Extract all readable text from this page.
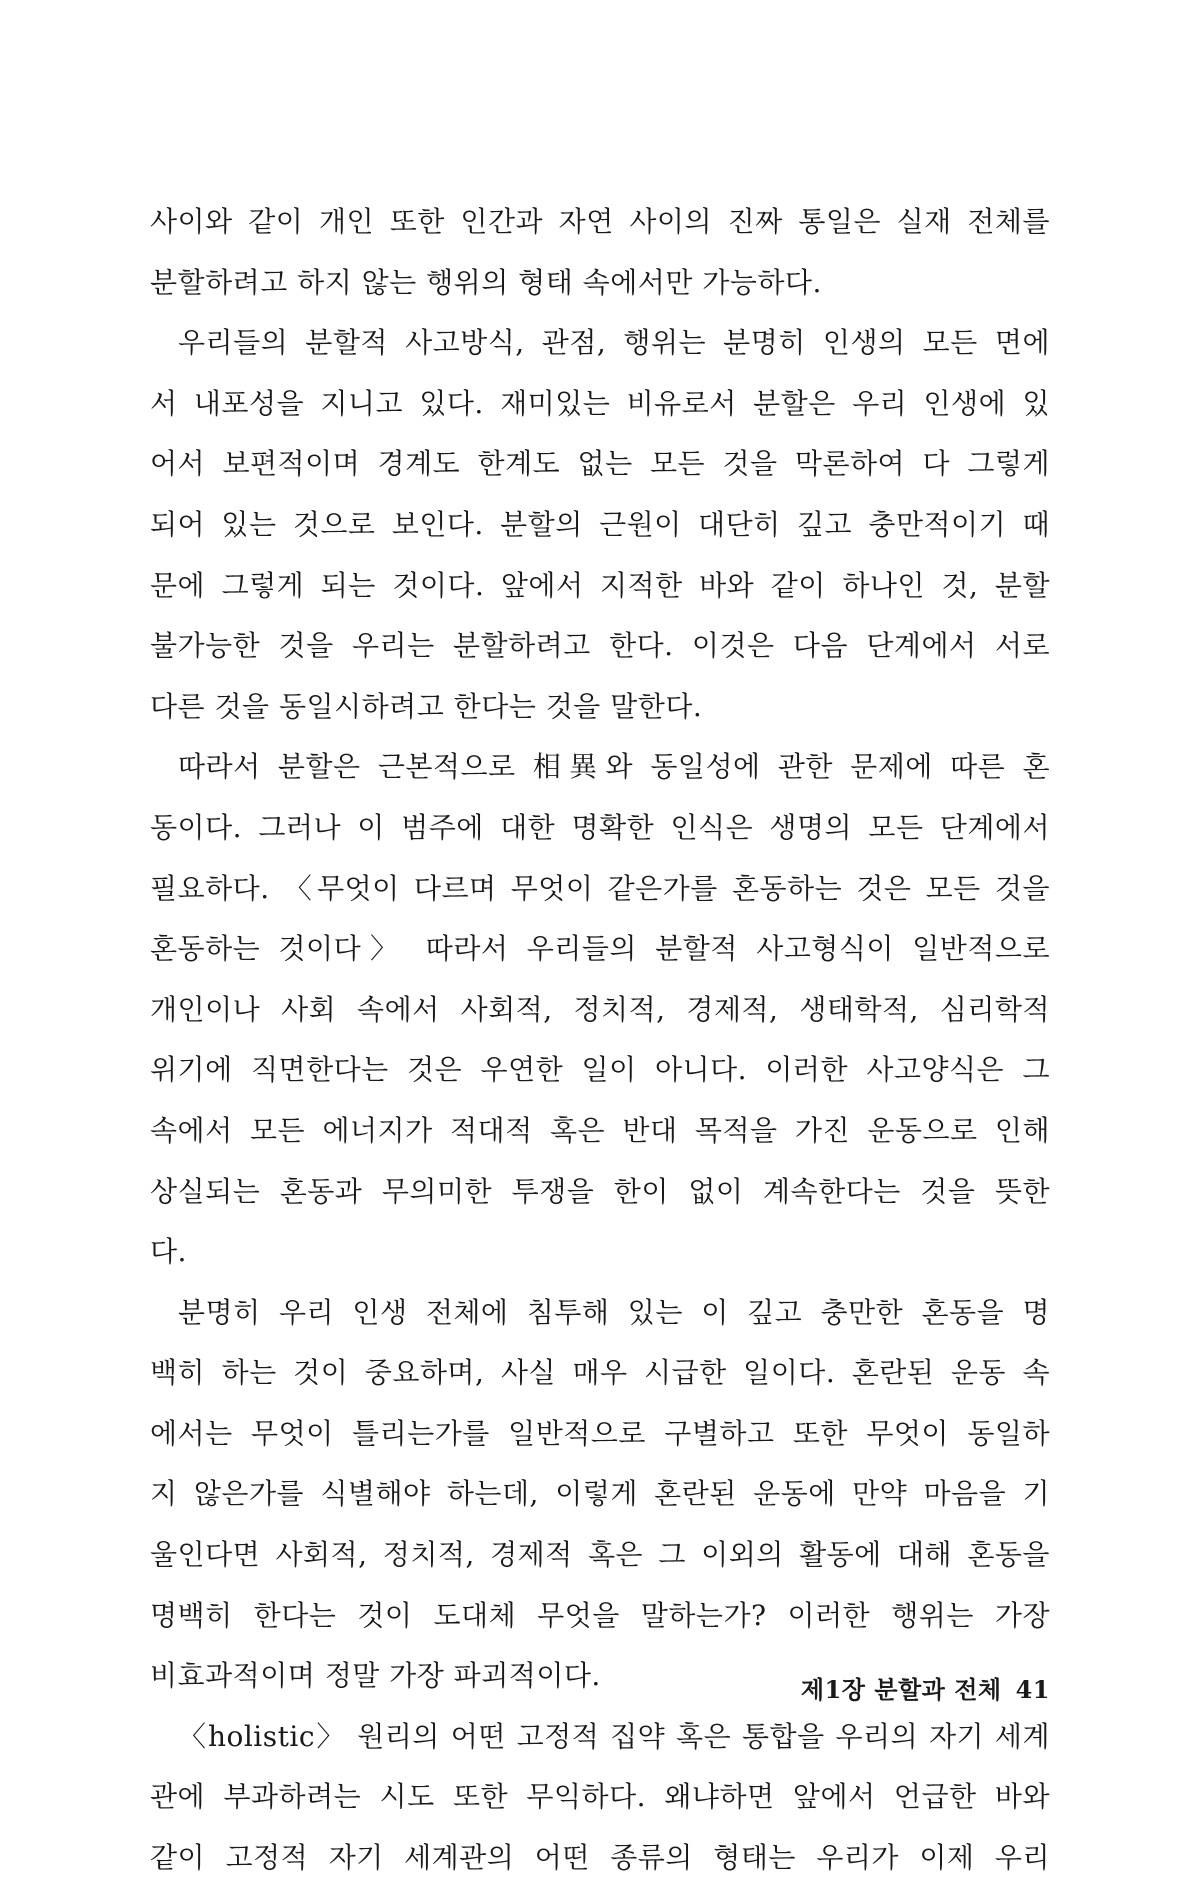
사이와 같이 개인 또한 인간과 자연 사이의 진짜 통일은 실재 전체를
분할하려고 하지 않는 행위의 형태 속에서만 가능하다.
우리들의 분할적 사고방식, 관점, 행위는 분명히 인생의 모든 면에
서 내포성을 지니고 있다. 재미있는 비유로서 분할은 우리 인생에 있
어서 보편적이며 경계도 한계도 없는 모든 것을 막론하여 다 그렇게
되어 있는 것으로 보인다. 분할의 근원이 대단히 깊고 충만적이기 때
문에 그렇게 되는 것이다. 앞에서 지적한 바와 같이 하나인 것, 분할
불가능한 것을 우리는 분할하려고 한다. 이것은 다음 단계에서 서로
다른 것을 동일시하려고 한다는 것을 말한다.
따라서 분할은 근본적으로 相異와 동일성에 관한 문제에 따른 혼
동이다. 그러나 이 범주에 대한 명확한 인식은 생명의 모든 단계에서
필요하다. 〈무엇이 다르며 무엇이 같은가를 혼동하는 것은 모든 것을
혼동하는 것이다〉 따라서 우리들의 분할적 사고형식이 일반적으로
개인이나 사회 속에서 사회적, 정치적, 경제적, 생태학적, 심리학적
위기에 직면한다는 것은 우연한 일이 아니다. 이러한 사고양식은 그
속에서 모든 에너지가 적대적 혹은 반대 목적을 가진 운동으로 인해
상실되는 혼동과 무의미한 투쟁을 한이 없이 계속한다는 것을 뜻한
다.
분명히 우리 인생 전체에 침투해 있는 이 깊고 충만한 혼동을 명
백히 하는 것이 중요하며, 사실 매우 시급한 일이다. 혼란된 운동 속
에서는 무엇이 틀리는가를 일반적으로 구별하고 또한 무엇이 동일하
지 않은가를 식별해야 하는데, 이렇게 혼란된 운동에 만약 마음을 기
울인다면 사회적, 정치적, 경제적 혹은 그 이외의 활동에 대해 혼동을
명백히 한다는 것이 도대체 무엇을 말하는가? 이러한 행위는 가장
비효과적이며 정말 가장 파괴적이다.
〈holistic〉 원리의 어떤 고정적 집약 혹은 통합을 우리의 자기 세계
관에 부과하려는 시도 또한 무익하다. 왜냐하면 앞에서 언급한 바와
같이 고정적 자기 세계관의 어떤 종류의 형태는 우리가 이제 우리
제1장 분할과 전체 41
